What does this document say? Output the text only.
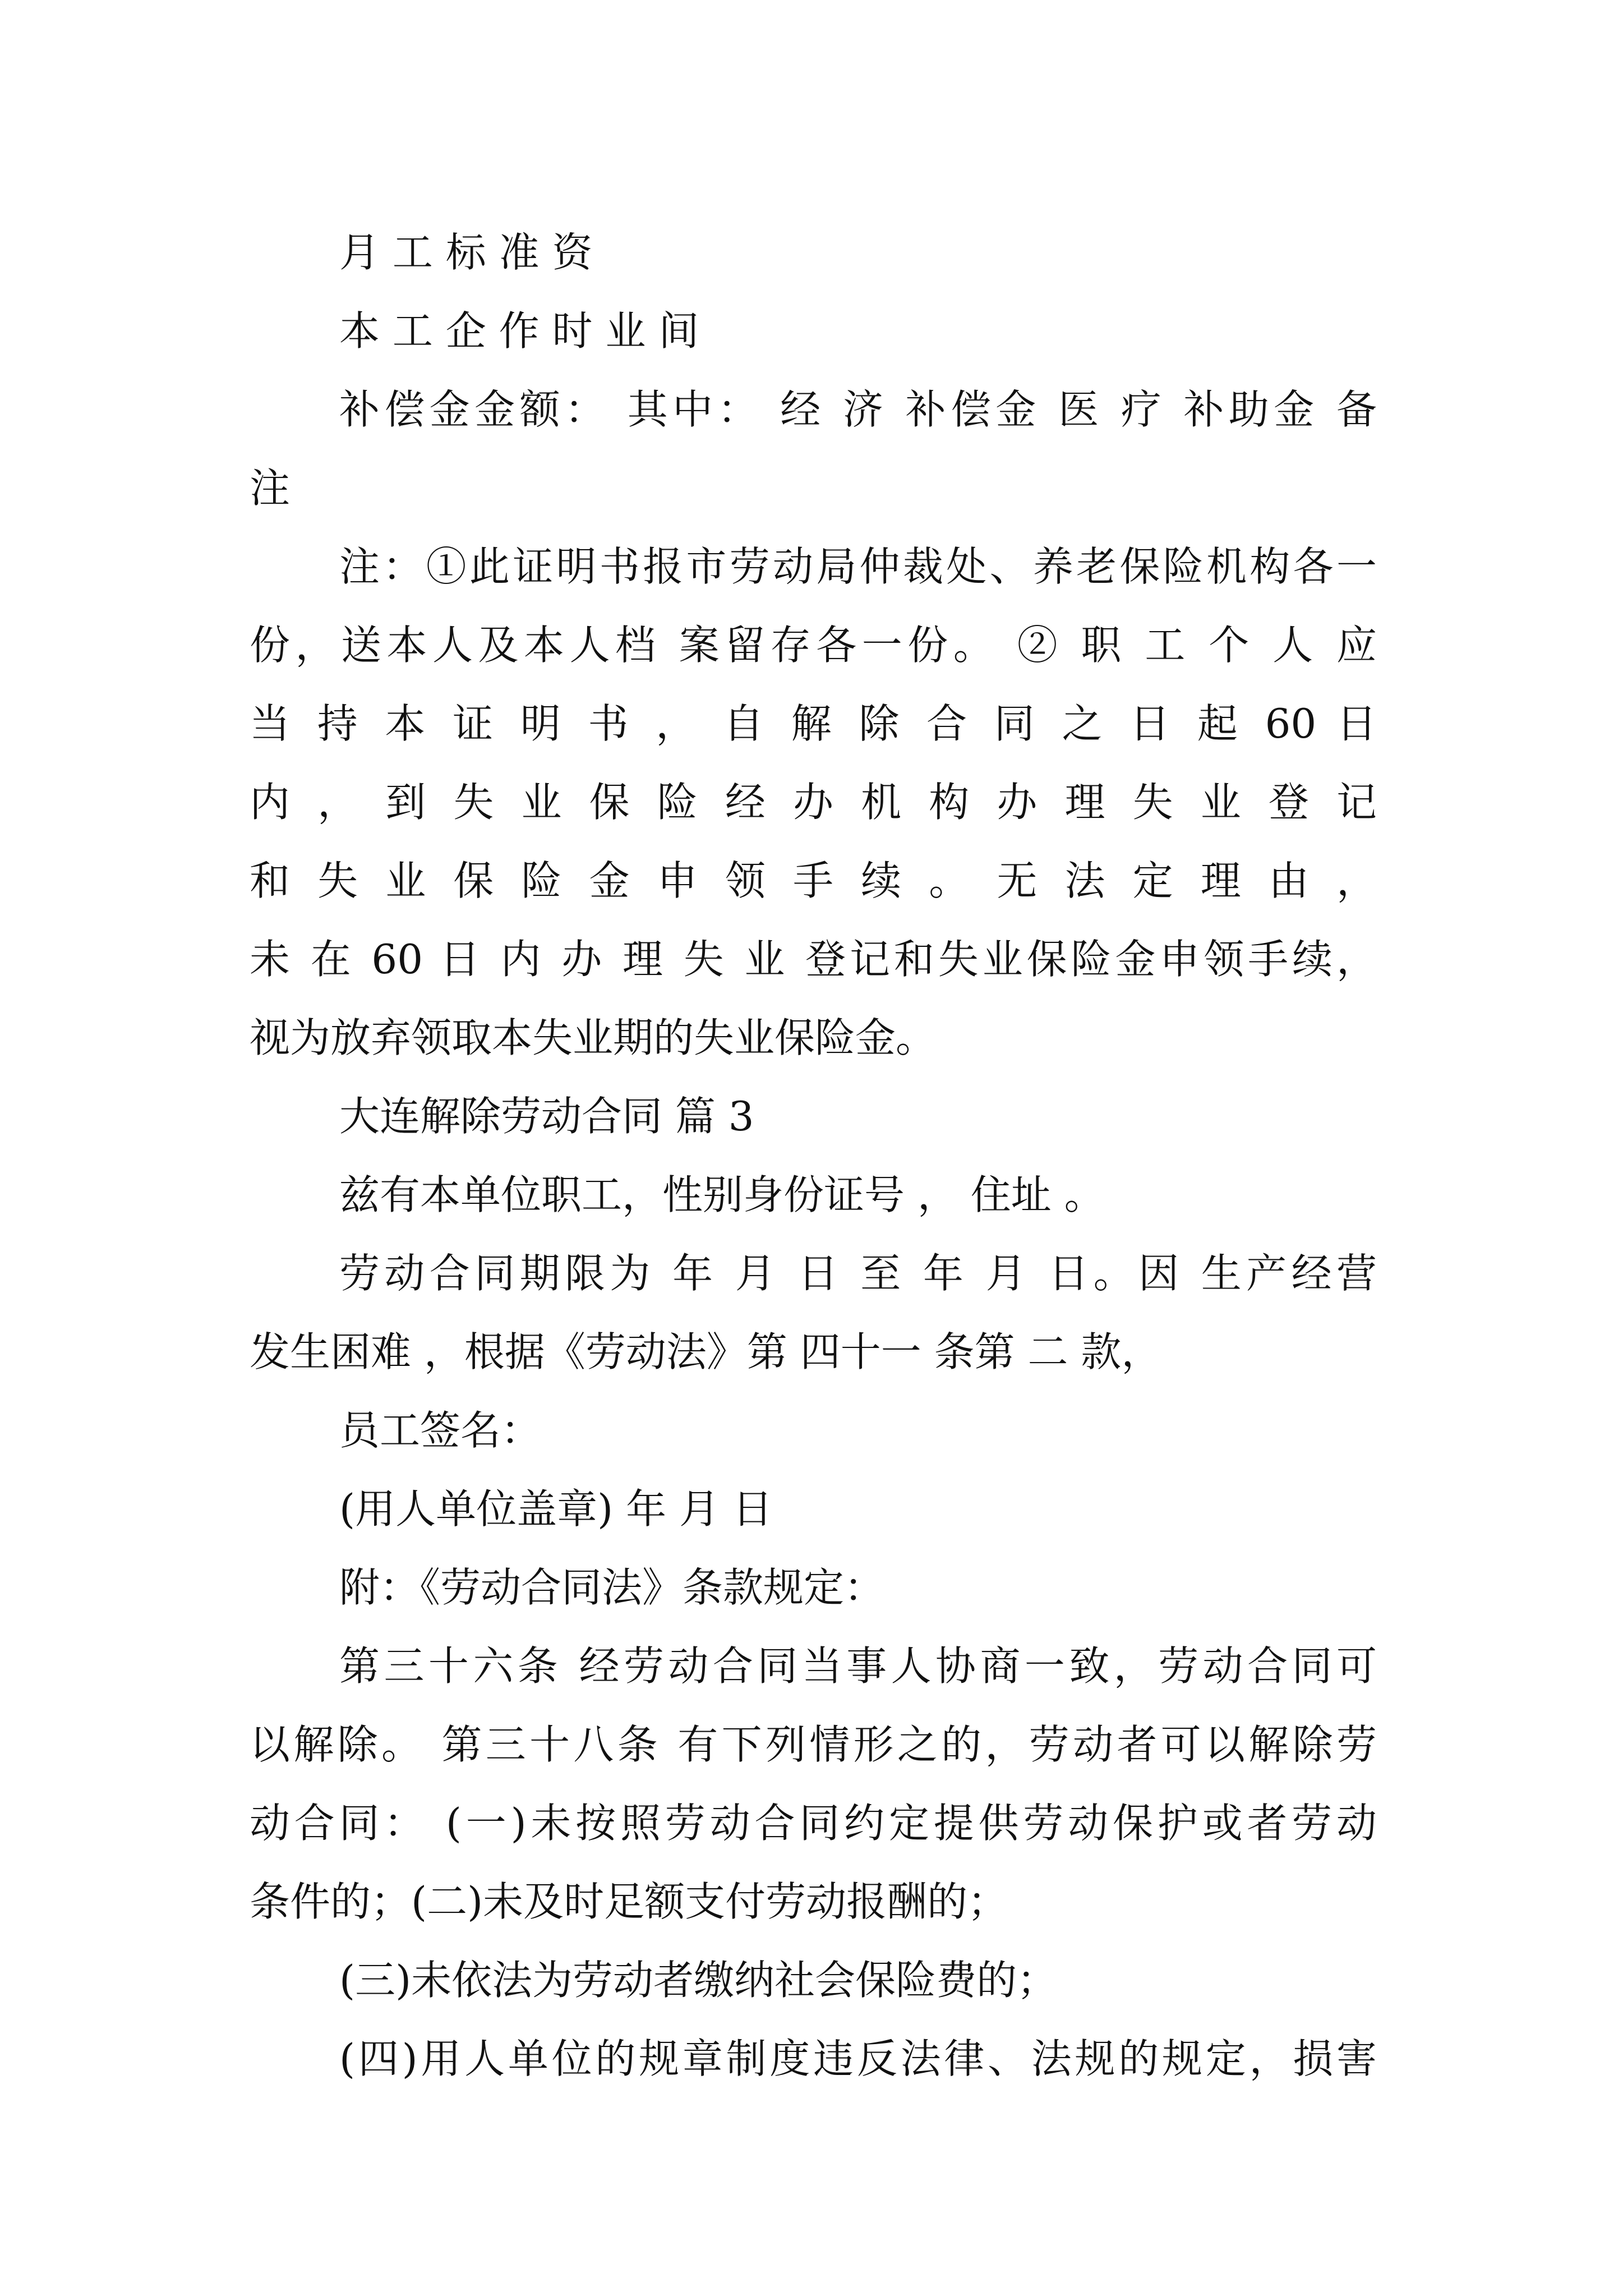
月 工 标 准 资
本 工 企 作 时 业 间
补偿金金额： 其中： 经 济 补偿金 医 疗 补助金 备
注
注：①此证明书报市劳动局仲裁处、养老保险机构各一
份，送本人及本人档 案留存各一份。 ② 职 工 个 人 应
当 持 本 证 明 书 ， 自 解 除 合 同 之 日 起 60 日
内 ， 到 失 业 保 险 经 办 机 构 办 理 失 业 登 记
和 失 业 保 险 金 申 领 手 续 。 无 法 定 理 由 ，
未 在 60 日 内 办 理 失 业 登记和失业保险金申领手续，
视为放弃领取本失业期的失业保险金。
大连解除劳动合同 篇 3
兹有本单位职工，性别身份证号 ， 住址 。
劳动合同期限为 年 月 日 至 年 月 日。因 生产经营
发生困难 ，根据《劳动法》第 四十一 条第 二 款，
员工签名：
(用人单位盖章) 年 月 日
附：《劳动合同法》条款规定：
第三十六条 经劳动合同当事人协商一致，劳动合同可
以解除。 第三十八条 有下列情形之的，劳动者可以解除劳
动合同： (一)未按照劳动合同约定提供劳动保护或者劳动
条件的；(二)未及时足额支付劳动报酬的；
(三)未依法为劳动者缴纳社会保险费的；
(四)用人单位的规章制度违反法律、法规的规定，损害
